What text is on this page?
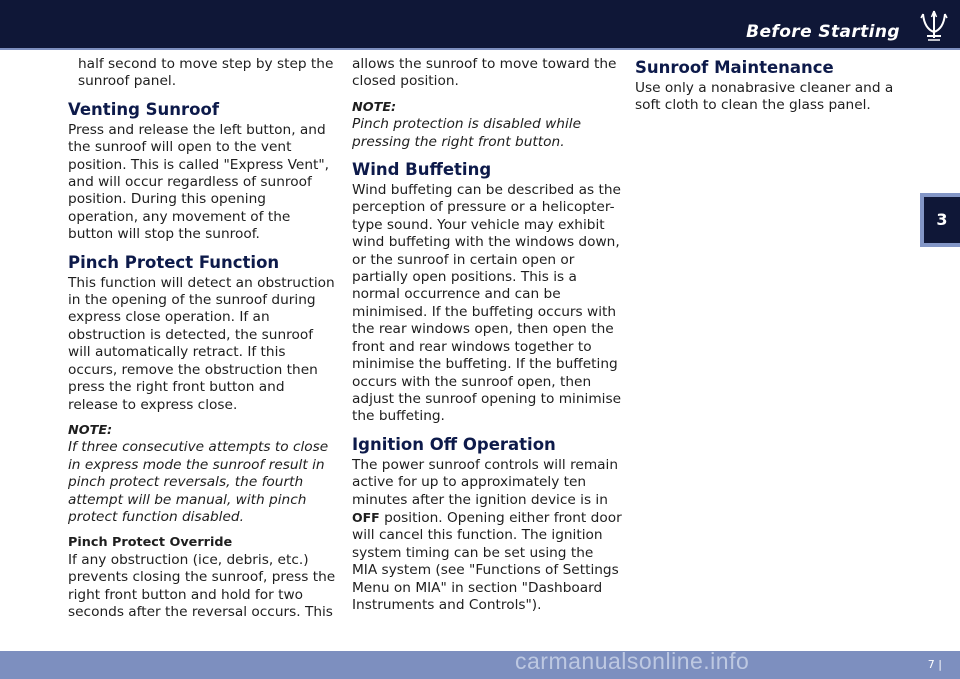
Before Starting

half second to move step by step the sunroof panel.

Venting Sunroof

Press and release the left button, and the sunroof will open to the vent position. This is called "Express Vent", and will occur regardless of sunroof position. During this opening operation, any movement of the button will stop the sunroof.

Pinch Protect Function

This function will detect an obstruction in the opening of the sunroof during express close operation. If an obstruction is detected, the sunroof will automatically retract. If this occurs, remove the obstruction then press the right front button and release to express close.

NOTE:

If three consecutive attempts to close in express mode the sunroof result in pinch protect reversals, the fourth attempt will be manual, with pinch protect function disabled.

Pinch Protect Override

If any obstruction (ice, debris, etc.) prevents closing the sunroof, press the right front button and hold for two seconds after the reversal occurs. This

allows the sunroof to move toward the closed position.

NOTE:

Pinch protection is disabled while pressing the right front button.

Wind Buffeting

Wind buffeting can be described as the perception of pressure or a helicopter-type sound. Your vehicle may exhibit wind buffeting with the windows down, or the sunroof in certain open or partially open positions. This is a normal occurrence and can be minimised. If the buffeting occurs with the rear windows open, then open the front and rear windows together to minimise the buffeting. If the buffeting occurs with the sunroof open, then adjust the sunroof opening to minimise the buffeting.

Ignition Off Operation

The power sunroof controls will remain active for up to approximately ten minutes after the ignition device is in OFF position. Opening either front door will cancel this function. The ignition system timing can be set using the MIA system (see "Functions of Settings Menu on MIA" in section "Dashboard Instruments and Controls").

Sunroof Maintenance

Use only a nonabrasive cleaner and a soft cloth to clean the glass panel.

3
7 |
carmanualsonline.info
